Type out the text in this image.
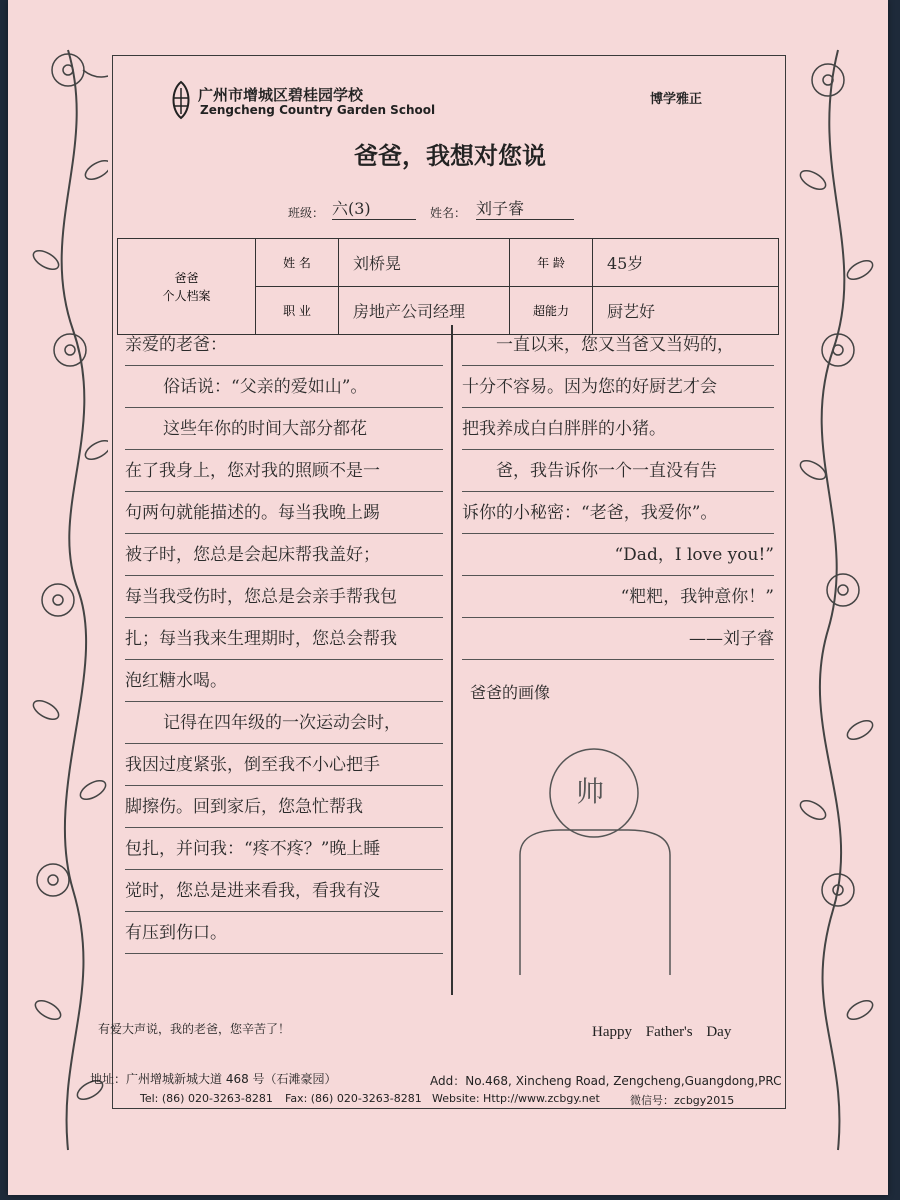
广州市增城区碧桂园学校
Zengcheng Country Garden School
博学雅正
爸爸，我想对您说
班级： 六(3)	姓名： 刘子睿
爸爸
个人档案	姓 名	刘桥晃	年 龄	45岁
	职 业	房地产公司经理	超能力	厨艺好
亲爱的老爸：
俗话说：“父亲的爱如山”。
这些年你的时间大部分都花
在了我身上，您对我的照顾不是一
句两句就能描述的。每当我晚上踢
被子时，您总是会起床帮我盖好；
每当我受伤时，您总是会亲手帮我包
扎；每当我来生理期时，您总会帮我
泡红糖水喝。
记得在四年级的一次运动会时，
我因过度紧张，倒至我不小心把手
脚擦伤。回到家后，您急忙帮我
包扎，并问我：“疼不疼？”晚上睡
觉时，您总是进来看我，看我有没
有压到伤口。
一直以来，您又当爸又当妈的，
十分不容易。因为您的好厨艺才会
把我养成白白胖胖的小猪。
爸，我告诉你一个一直没有告
诉你的小秘密：“老爸，我爱你”。
“Dad，I love you!”
“粑粑，我钟意你！”
——刘子睿
爸爸的画像
帅
有爱大声说，我的老爸，您辛苦了！	Happy Father's Day
地址：广州增城新城大道 468 号（石滩豪园）	Add：No.468, Xincheng Road, Zengcheng,Guangdong,PRC
Tel: (86) 020-3263-8281 Fax: (86) 020-3263-8281 Website: Http://www.zcbgy.net	微信号：zcbgy2015
